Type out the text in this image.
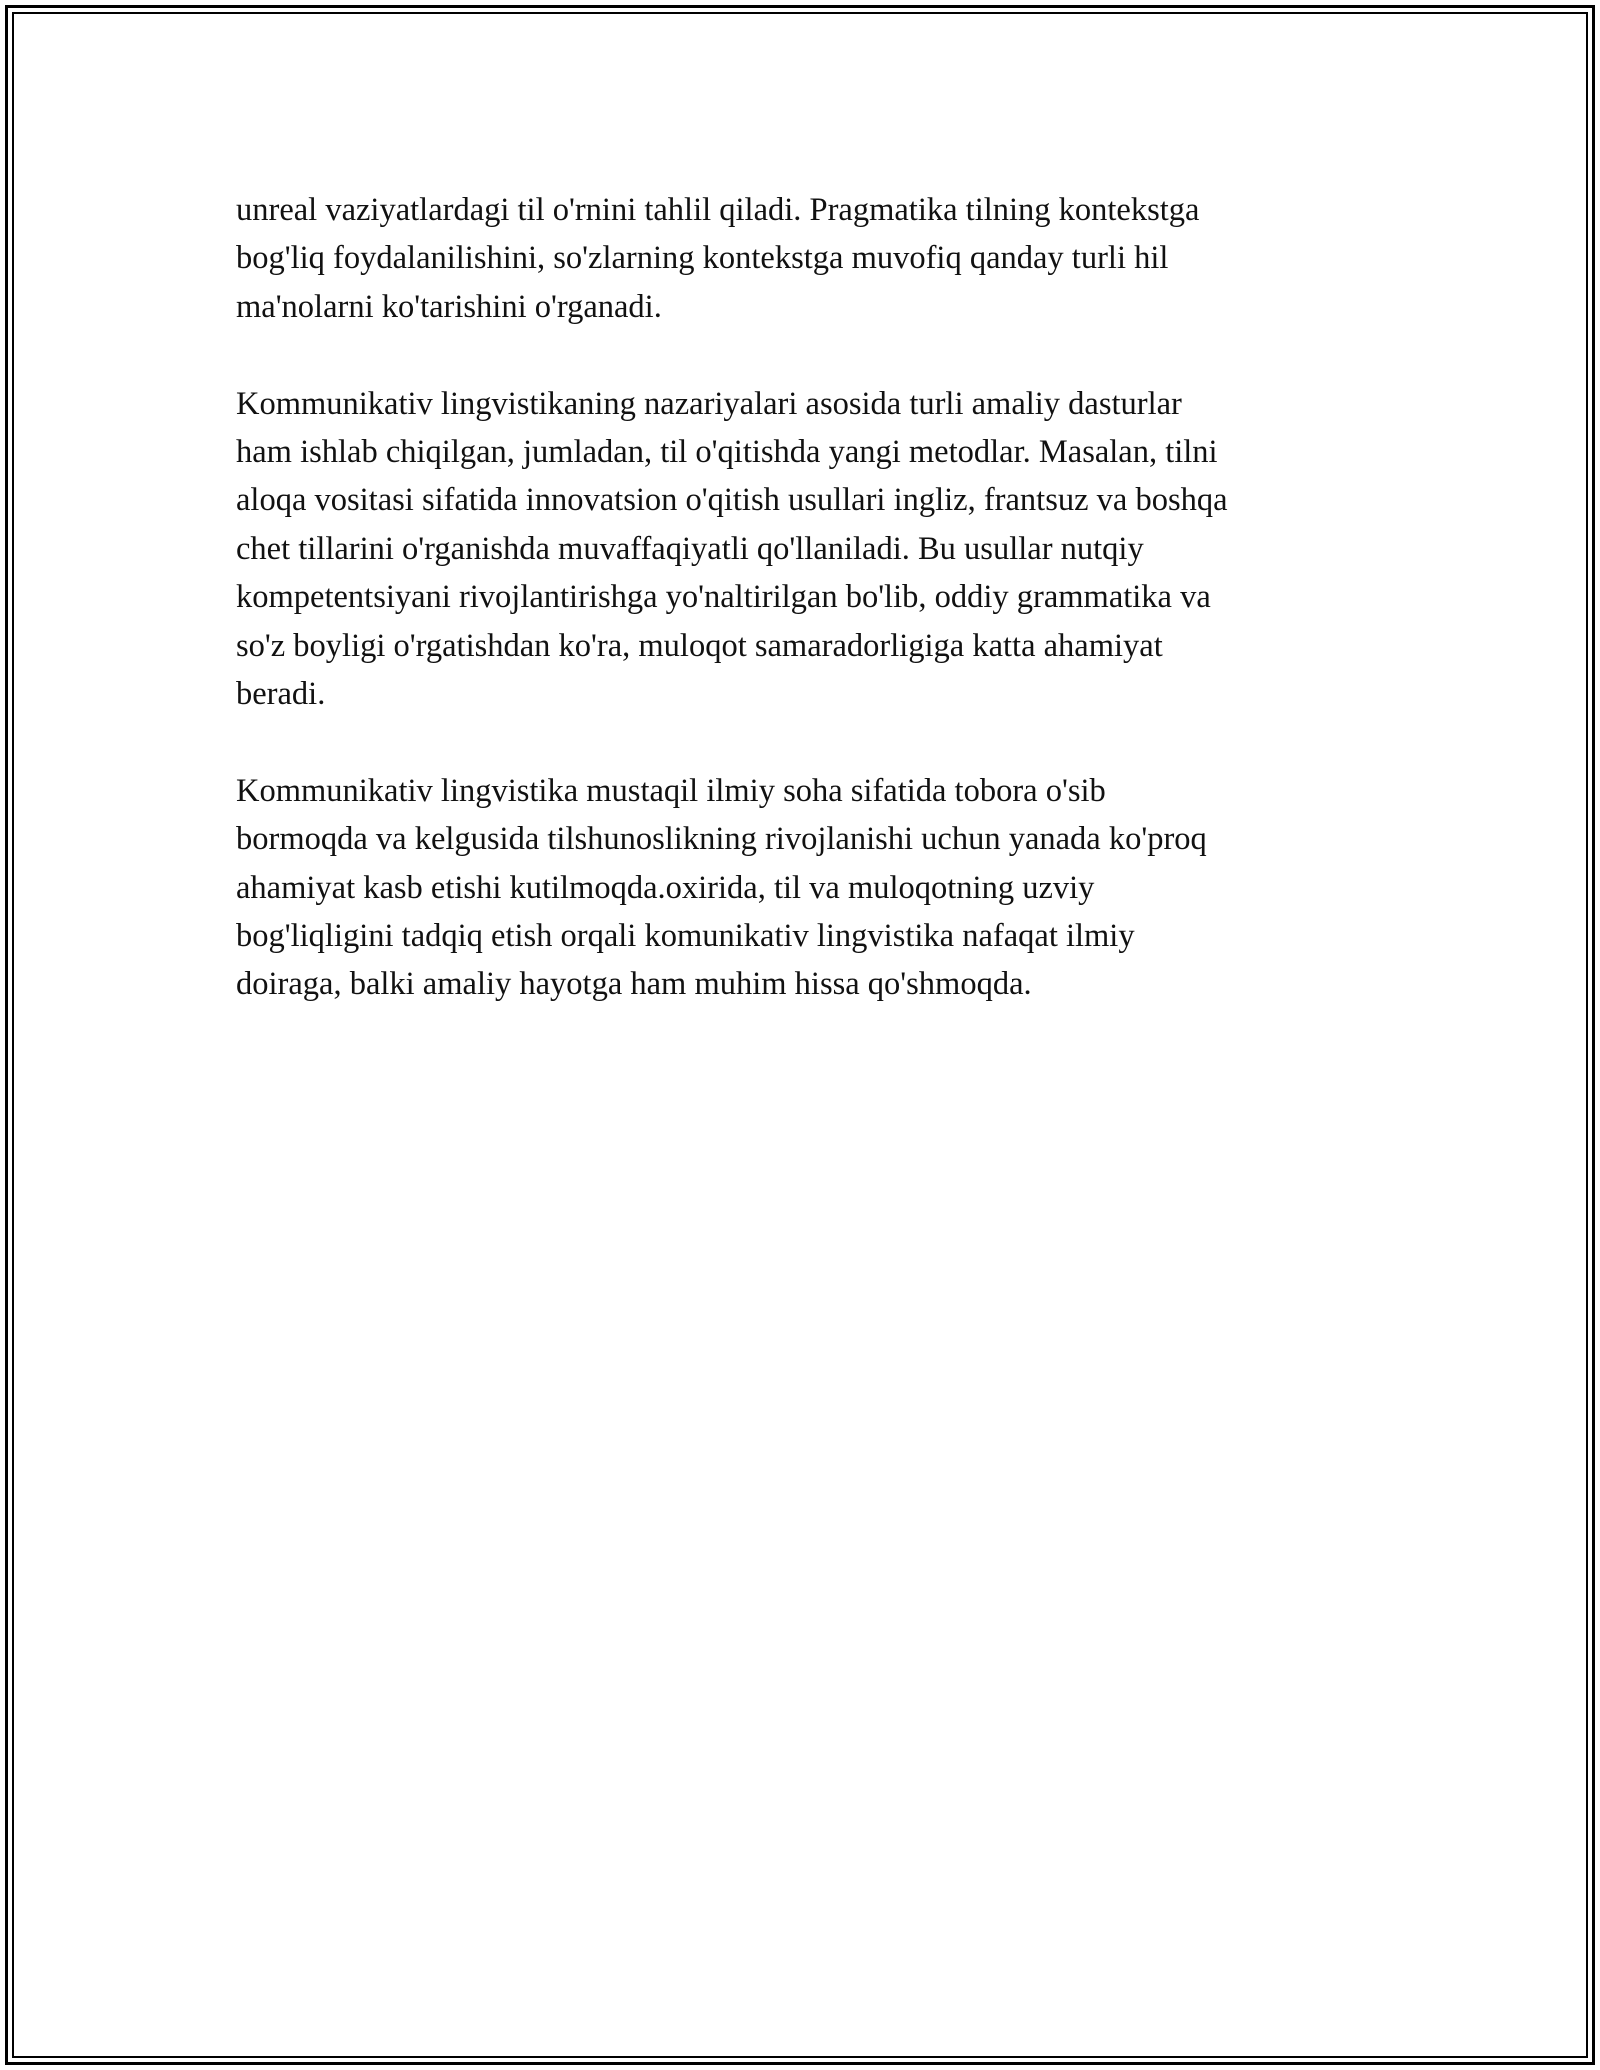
unreal vaziyatlardagi til o'rnini tahlil qiladi. Pragmatika tilning kontekstga
bog'liq foydalanilishini, so'zlarning kontekstga muvofiq qanday turli hil
ma'nolarni ko'tarishini o'rganadi.

Kommunikativ lingvistikaning nazariyalari asosida turli amaliy dasturlar
ham ishlab chiqilgan, jumladan, til o'qitishda yangi metodlar. Masalan, tilni
aloqa vositasi sifatida innovatsion o'qitish usullari ingliz, frantsuz va boshqa
chet tillarini o'rganishda muvaffaqiyatli qo'llaniladi. Bu usullar nutqiy
kompetentsiyani rivojlantirishga yo'naltirilgan bo'lib, oddiy grammatika va
so'z boyligi o'rgatishdan ko'ra, muloqot samaradorligiga katta ahamiyat
beradi.

Kommunikativ lingvistika mustaqil ilmiy soha sifatida tobora o'sib
bormoqda va kelgusida tilshunoslikning rivojlanishi uchun yanada ko'proq
ahamiyat kasb etishi kutilmoqda.oxirida, til va muloqotning uzviy
bog'liqligini tadqiq etish orqali komunikativ lingvistika nafaqat ilmiy
doiraga, balki amaliy hayotga ham muhim hissa qo'shmoqda.
